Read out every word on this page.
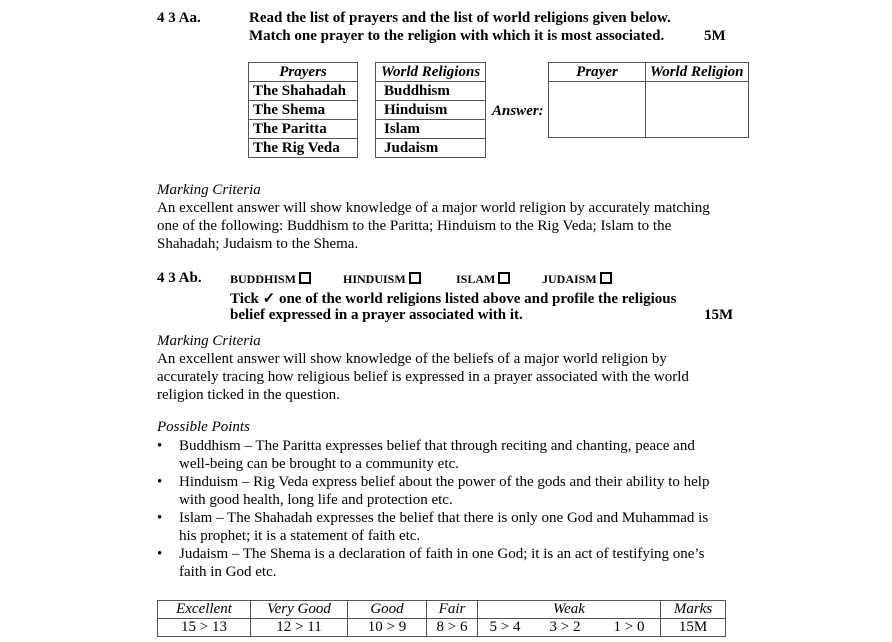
4 3 Aa.	Read the list of prayers and the list of world religions given below.
Match one prayer to the religion with which it is most associated.	5M
Prayers
The Shahadah
The Shema
The Paritta
The Rig Veda
World Religions
Buddhism
Hinduism
Islam
Judaism
Answer:
Prayer	World Religion

Marking Criteria
An excellent answer will show knowledge of a major world religion by accurately matching
one of the following: Buddhism to the Paritta; Hinduism to the Rig Veda; Islam to the
Shahadah; Judaism to the Shema.
4 3 Ab. BUDDHISM	HINDUISM	ISLAM	JUDAISM
Tick ✓ one of the world religions listed above and profile the religious
belief expressed in a prayer associated with it.	15M
Marking Criteria
An excellent answer will show knowledge of the beliefs of a major world religion by
accurately tracing how religious belief is expressed in a prayer associated with the world
religion ticked in the question.
Possible Points
• Buddhism – The Paritta expresses belief that through reciting and chanting, peace and
well-being can be brought to a community etc.
• Hinduism – Rig Veda express belief about the power of the gods and their ability to help
with good health, long life and protection etc.
• Islam – The Shahadah expresses the belief that there is only one God and Muhammad is
his prophet; it is a statement of faith etc.
• Judaism – The Shema is a declaration of faith in one God; it is an act of testifying one’s
faith in God etc.
Excellent	Very Good	Good	Fair	Weak			Marks
15 > 13	12 > 11	10 > 9	8 > 6	5 > 4	3 > 2	1 > 0	15M
